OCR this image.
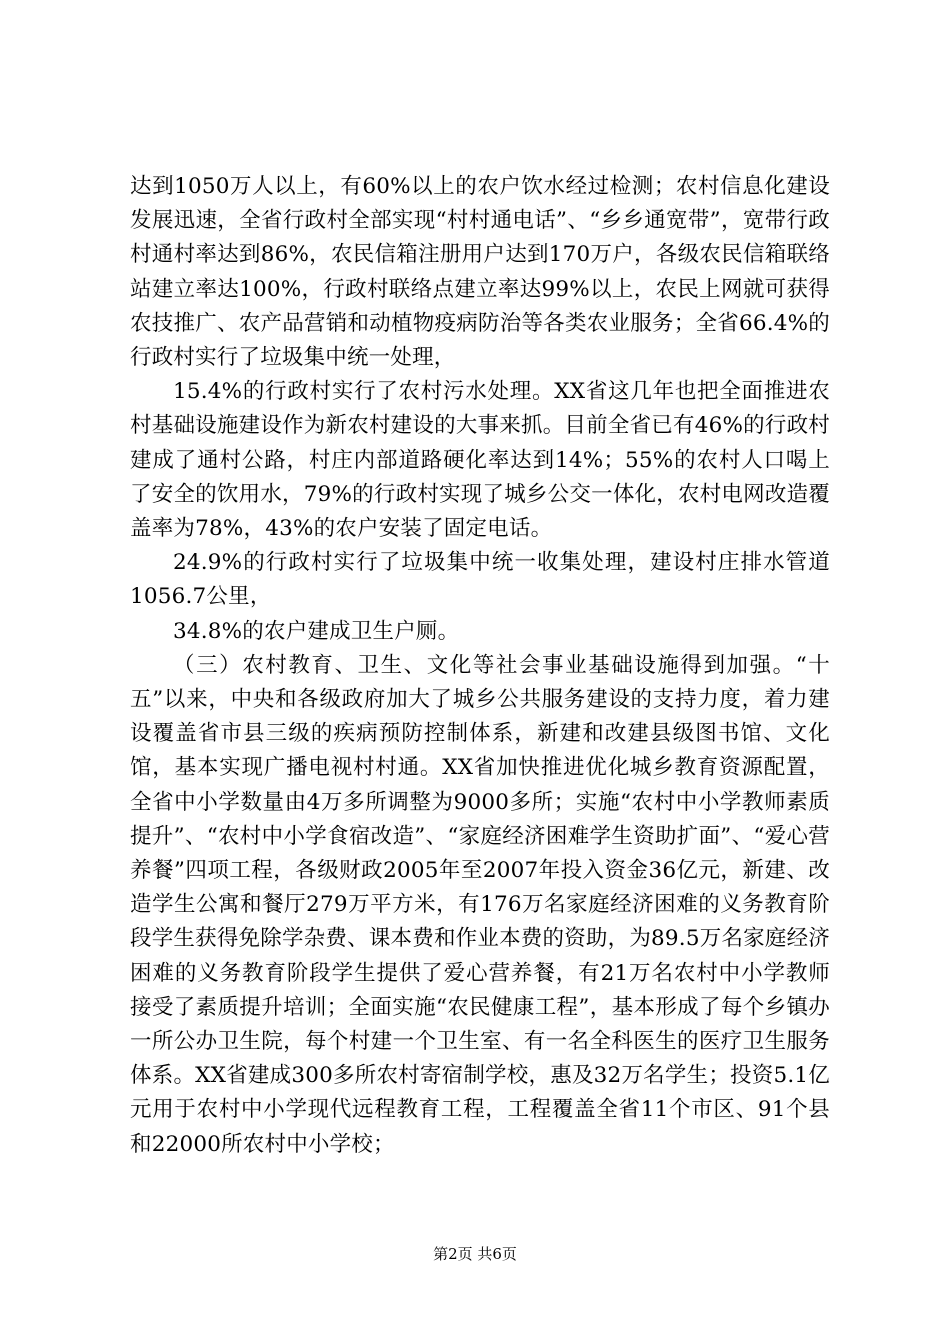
达到1050万人以上，有60%以上的农户饮水经过检测；农村信息化建设发展迅速，全省行政村全部实现“村村通电话”、“乡乡通宽带”，宽带行政村通村率达到86%，农民信箱注册用户达到170万户，各级农民信箱联络站建立率达100%，行政村联络点建立率达99%以上，农民上网就可获得农技推广、农产品营销和动植物疫病防治等各类农业服务；全省66.4%的行政村实行了垃圾集中统一处理，

15.4%的行政村实行了农村污水处理。XX省这几年也把全面推进农村基础设施建设作为新农村建设的大事来抓。目前全省已有46%的行政村建成了通村公路，村庄内部道路硬化率达到14%；55%的农村人口喝上了安全的饮用水，79%的行政村实现了城乡公交一体化，农村电网改造覆盖率为78%，43%的农户安装了固定电话。

24.9%的行政村实行了垃圾集中统一收集处理，建设村庄排水管道1056.7公里，

34.8%的农户建成卫生户厕。

（三）农村教育、卫生、文化等社会事业基础设施得到加强。“十五”以来，中央和各级政府加大了城乡公共服务建设的支持力度，着力建设覆盖省市县三级的疾病预防控制体系，新建和改建县级图书馆、文化馆，基本实现广播电视村村通。XX省加快推进优化城乡教育资源配置，全省中小学数量由4万多所调整为9000多所；实施“农村中小学教师素质提升”、“农村中小学食宿改造”、“家庭经济困难学生资助扩面”、“爱心营养餐”四项工程，各级财政2005年至2007年投入资金36亿元，新建、改造学生公寓和餐厅279万平方米，有176万名家庭经济困难的义务教育阶段学生获得免除学杂费、课本费和作业本费的资助，为89.5万名家庭经济困难的义务教育阶段学生提供了爱心营养餐，有21万名农村中小学教师接受了素质提升培训；全面实施“农民健康工程”，基本形成了每个乡镇办一所公办卫生院，每个村建一个卫生室、有一名全科医生的医疗卫生服务体系。XX省建成300多所农村寄宿制学校，惠及32万名学生；投资5.1亿元用于农村中小学现代远程教育工程，工程覆盖全省11个市区、91个县和22000所农村中小学校；

第2页 共6页
